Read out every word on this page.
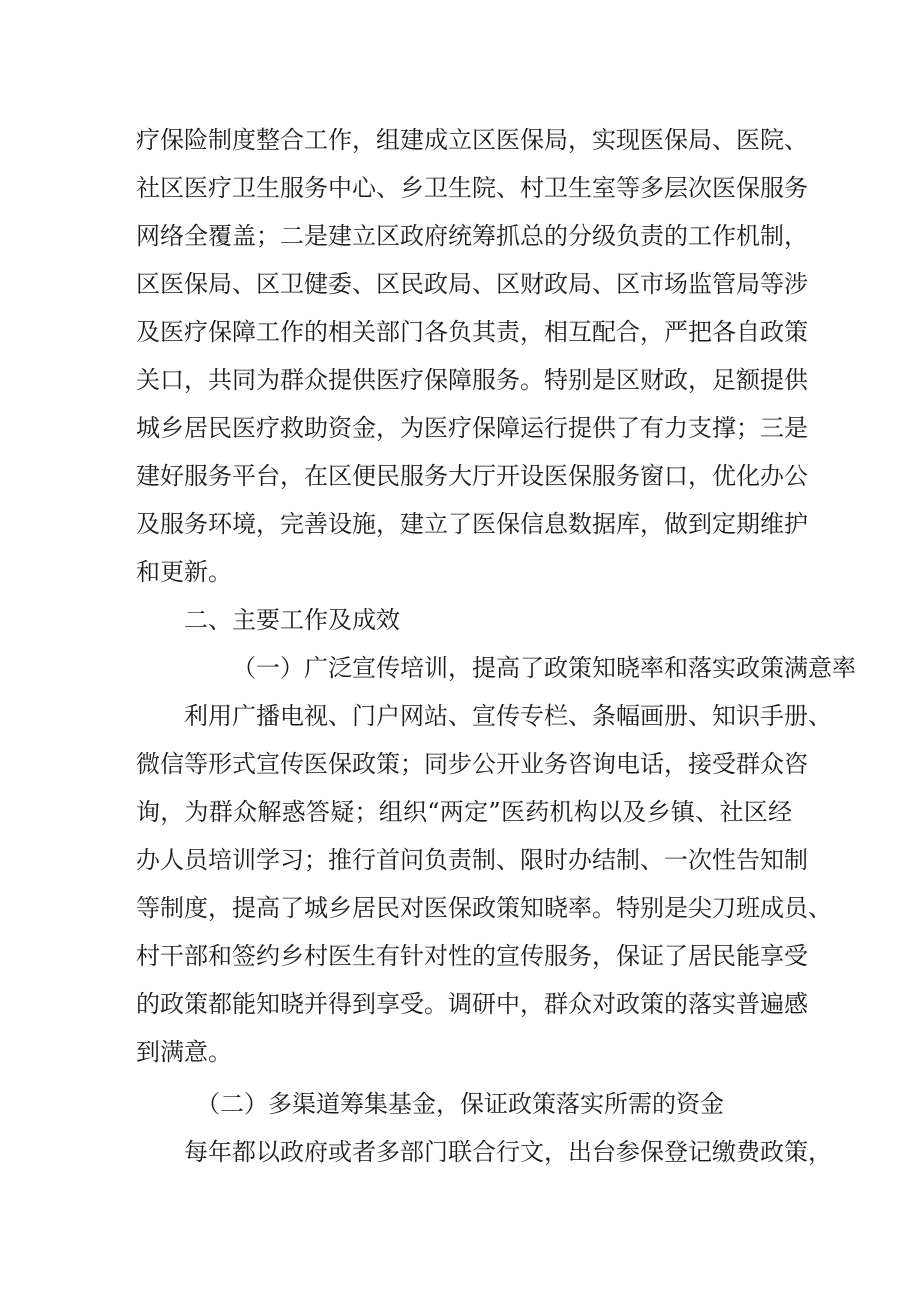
疗保险制度整合工作，组建成立区医保局，实现医保局、医院、
社区医疗卫生服务中心、乡卫生院、村卫生室等多层次医保服务
网络全覆盖；二是建立区政府统筹抓总的分级负责的工作机制，
区医保局、区卫健委、区民政局、区财政局、区市场监管局等涉
及医疗保障工作的相关部门各负其责，相互配合，严把各自政策
关口，共同为群众提供医疗保障服务。特别是区财政，足额提供
城乡居民医疗救助资金，为医疗保障运行提供了有力支撑；三是
建好服务平台，在区便民服务大厅开设医保服务窗口，优化办公
及服务环境，完善设施，建立了医保信息数据库，做到定期维护
和更新。
二、主要工作及成效
（一）广泛宣传培训，提高了政策知晓率和落实政策满意率
利用广播电视、门户网站、宣传专栏、条幅画册、知识手册、
微信等形式宣传医保政策；同步公开业务咨询电话，接受群众咨
询，为群众解惑答疑；组织“两定”医药机构以及乡镇、社区经
办人员培训学习；推行首问负责制、限时办结制、一次性告知制
等制度，提高了城乡居民对医保政策知晓率。特别是尖刀班成员、
村干部和签约乡村医生有针对性的宣传服务，保证了居民能享受
的政策都能知晓并得到享受。调研中，群众对政策的落实普遍感
到满意。
（二）多渠道筹集基金，保证政策落实所需的资金
每年都以政府或者多部门联合行文，出台参保登记缴费政策，
